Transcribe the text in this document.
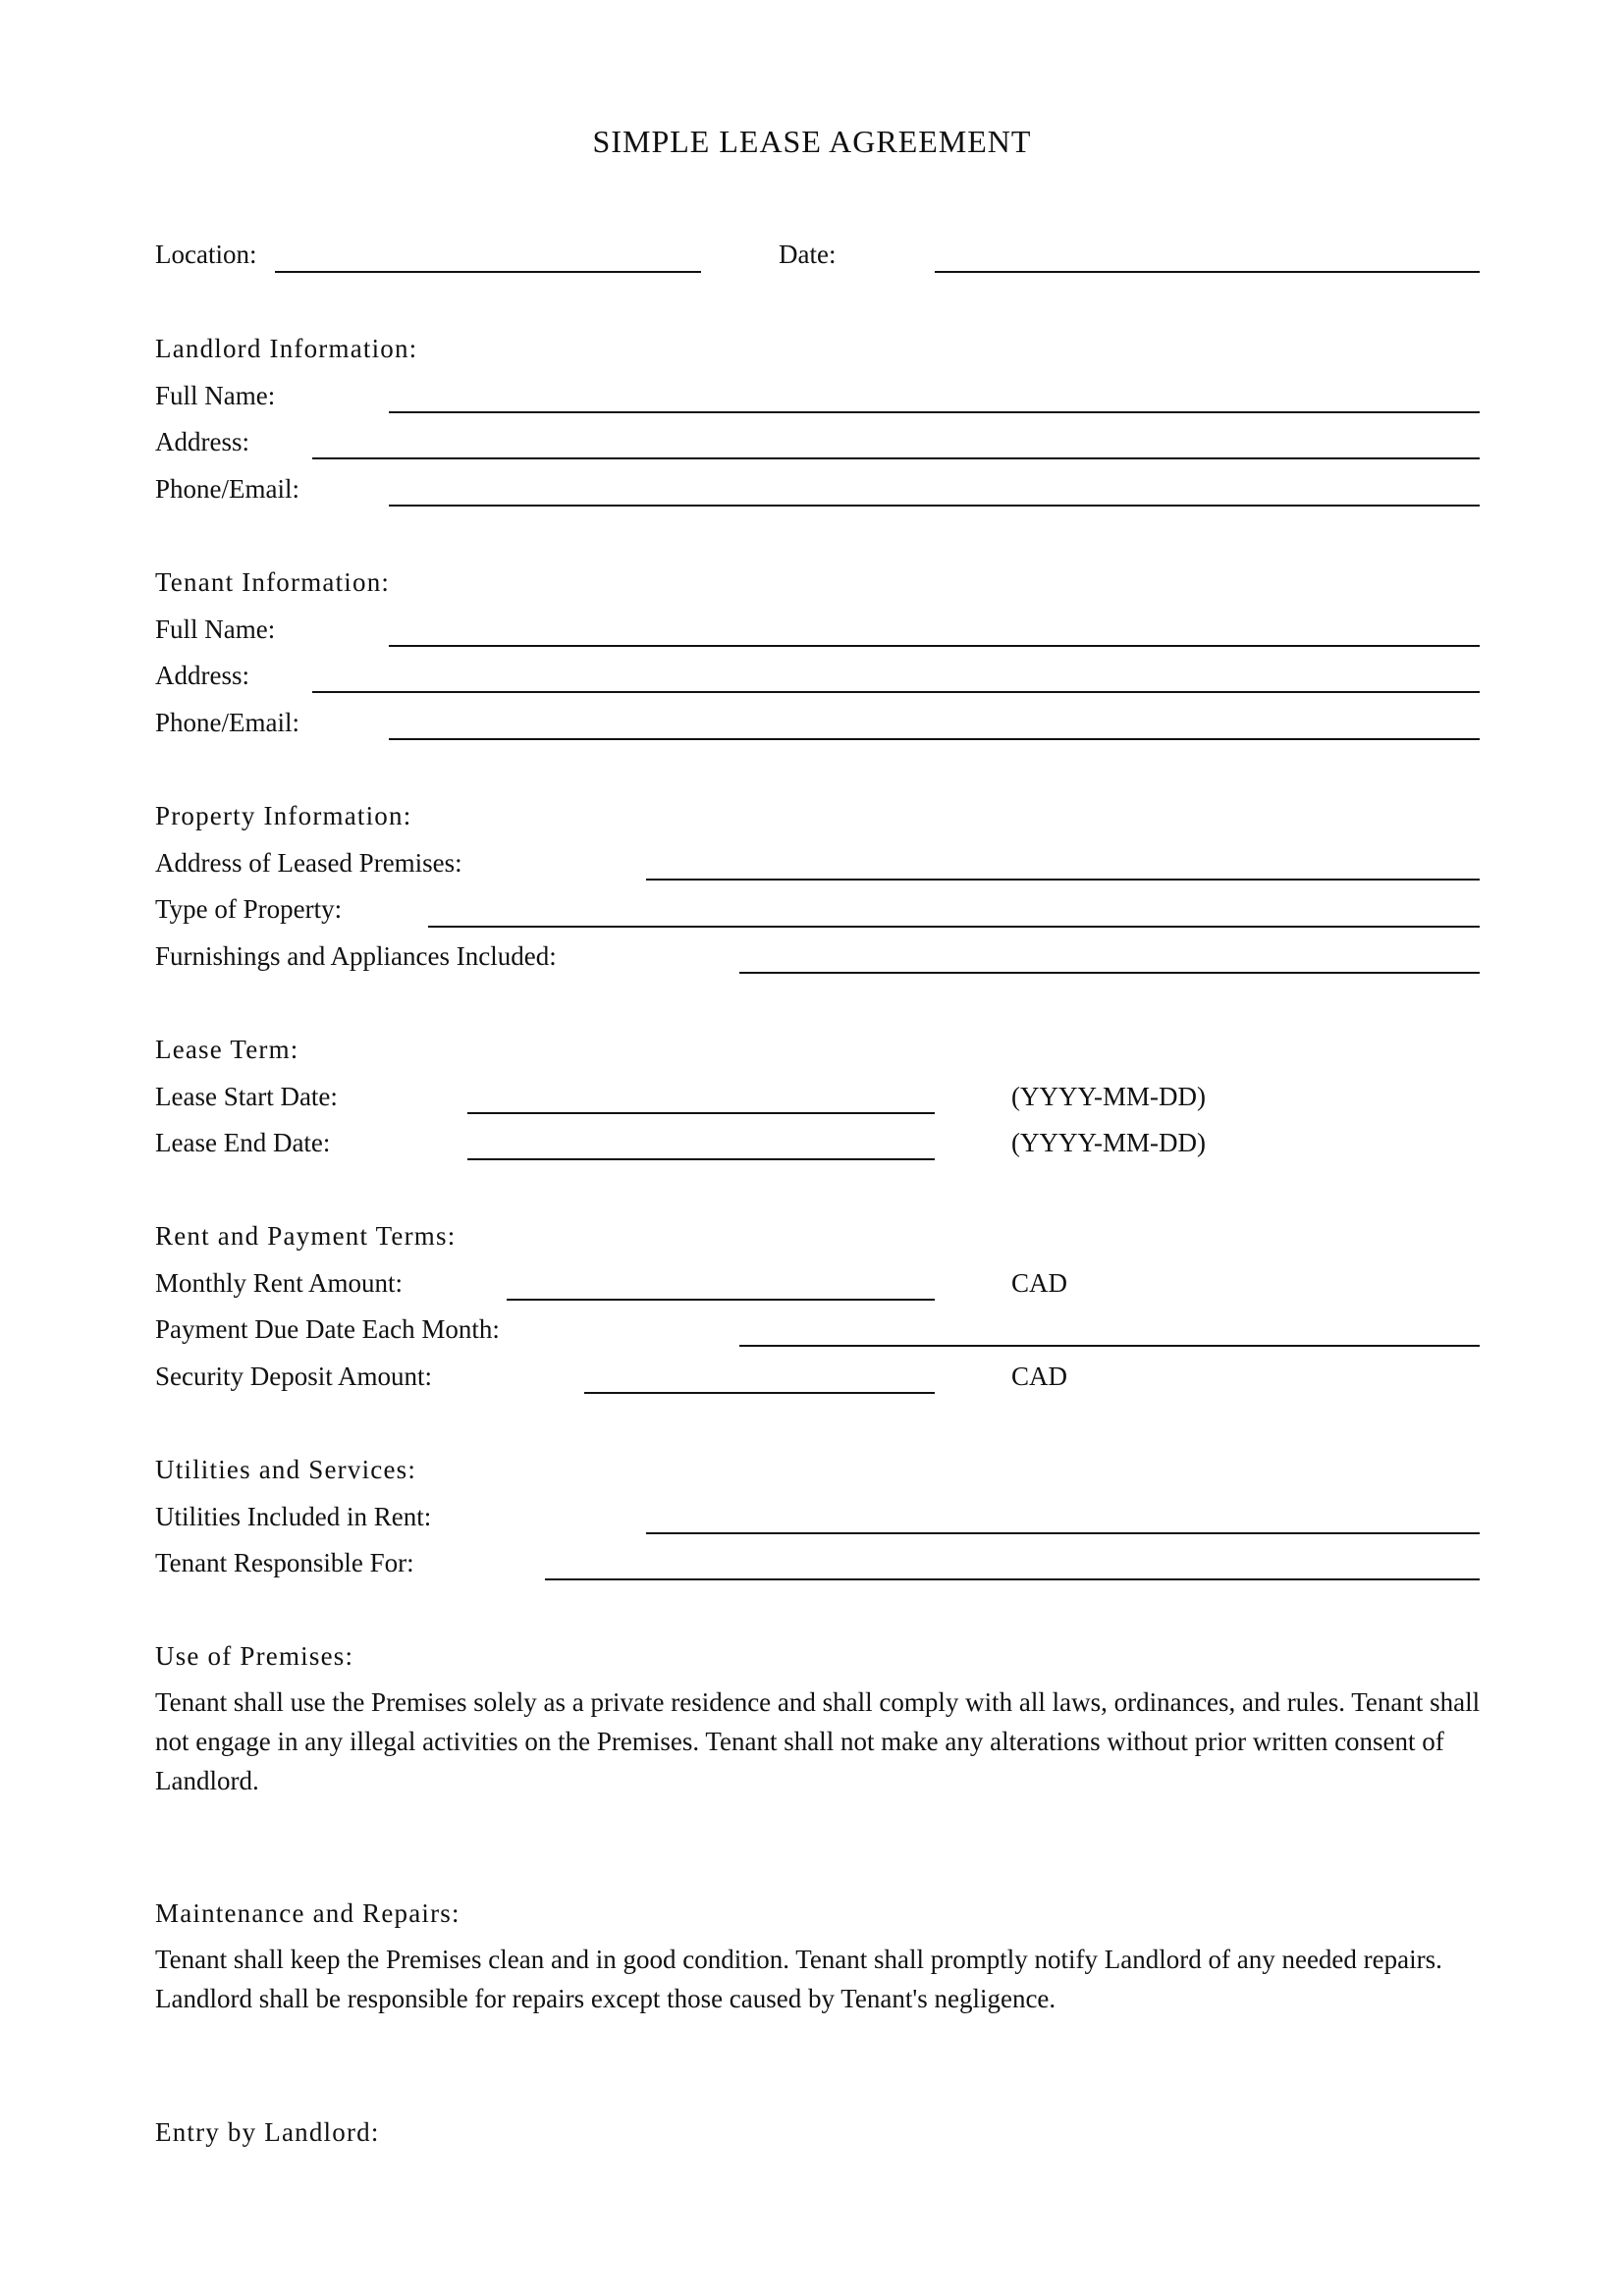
SIMPLE LEASE AGREEMENT
Location:	Date:
Landlord Information:
Full Name:
Address:
Phone/Email:
Tenant Information:
Full Name:
Address:
Phone/Email:
Property Information:
Address of Leased Premises:
Type of Property:
Furnishings and Appliances Included:
Lease Term:
Lease Start Date:	(YYYY-MM-DD)
Lease End Date:	(YYYY-MM-DD)
Rent and Payment Terms:
Monthly Rent Amount:	CAD
Payment Due Date Each Month:
Security Deposit Amount:	CAD
Utilities and Services:
Utilities Included in Rent:
Tenant Responsible For:
Use of Premises:
Tenant shall use the Premises solely as a private residence and shall comply with all laws, ordinances, and rules. Tenant shall not engage in any illegal activities on the Premises. Tenant shall not make any alterations without prior written consent of Landlord.
Maintenance and Repairs:
Tenant shall keep the Premises clean and in good condition. Tenant shall promptly notify Landlord of any needed repairs. Landlord shall be responsible for repairs except those caused by Tenant's negligence.
Entry by Landlord:
